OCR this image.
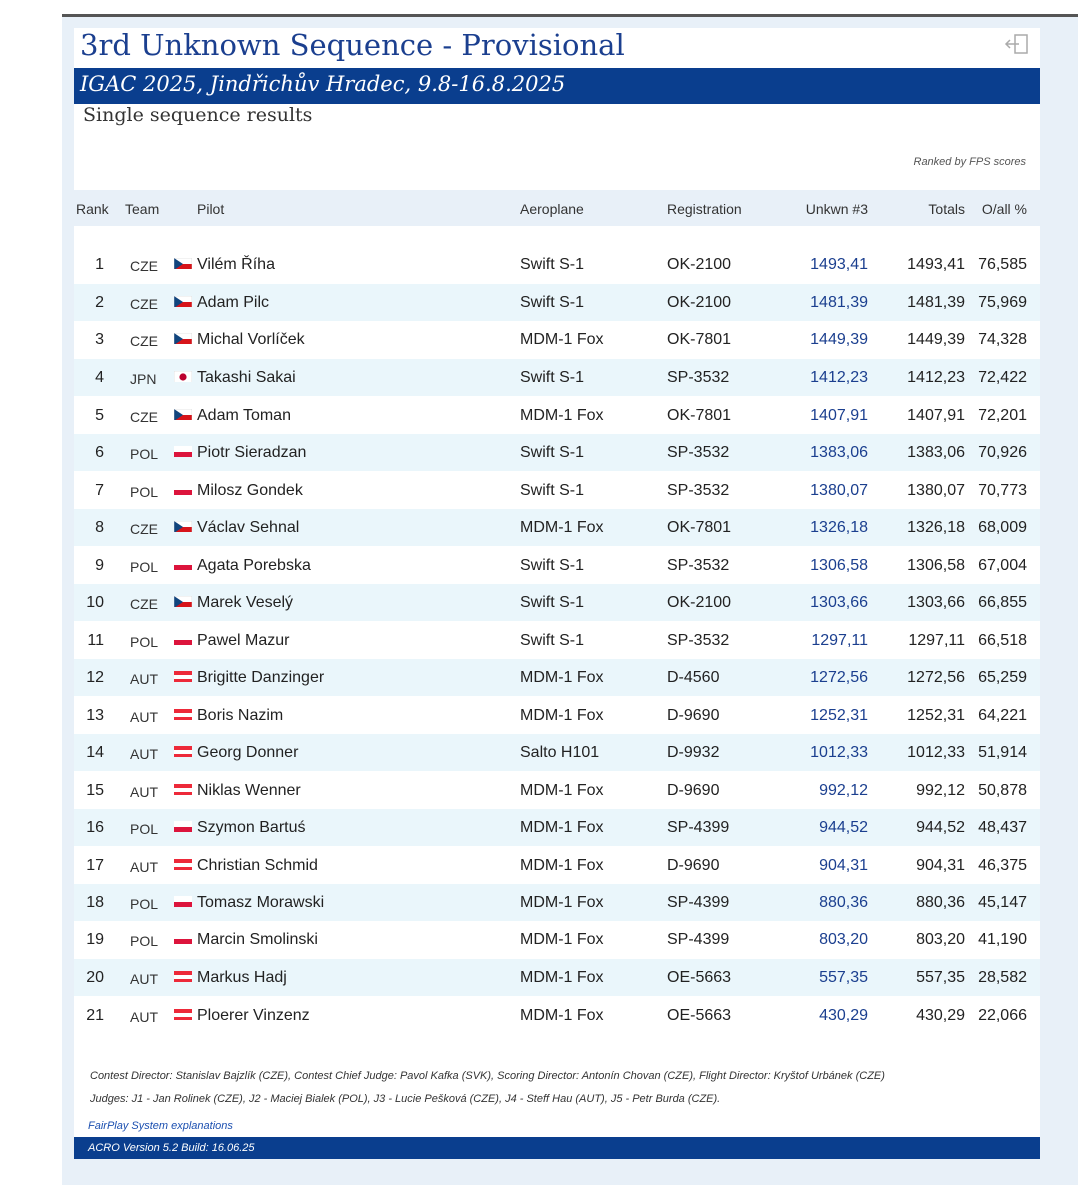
3rd Unknown Sequence - Provisional
IGAC 2025, Jindřichův Hradec, 9.8-16.8.2025
Single sequence results
Ranked by FPS scores
Rank Team	Pilot	Aeroplane	Registration	Unkwn #3	Totals O/all %
1 CZE Vilém Říha	Swift S-1	OK-2100	1493,41 1493,41 76,585
2 CZE Adam Pilc	Swift S-1	OK-2100	1481,39 1481,39 75,969
3 CZE Michal Vorlíček	MDM-1 Fox	OK-7801	1449,39 1449,39 74,328
4 JPN	Takashi Sakai	Swift S-1	SP-3532	1412,23 1412,23 72,422
5 CZE Adam Toman	MDM-1 Fox	OK-7801	1407,91 1407,91 72,201
6 POL Piotr Sieradzan	Swift S-1	SP-3532	1383,06 1383,06 70,926
7 POL Milosz Gondek	Swift S-1	SP-3532	1380,07 1380,07 70,773
8 CZE Václav Sehnal	MDM-1 Fox	OK-7801	1326,18 1326,18 68,009
9 POL Agata Porebska	Swift S-1	SP-3532	1306,58 1306,58 67,004
10 CZE Marek Veselý	Swift S-1	OK-2100	1303,66 1303,66 66,855
11 POL Pawel Mazur	Swift S-1	SP-3532	1297,11	1297,11 66,518
12 AUT Brigitte Danzinger	MDM-1 Fox	D-4560	1272,56 1272,56 65,259
13 AUT Boris Nazim	MDM-1 Fox	D-9690	1252,31 1252,31 64,221
14 AUT Georg Donner	Salto H101	D-9932	1012,33 1012,33 51,914
15 AUT Niklas Wenner	MDM-1 Fox	D-9690	992,12	992,12 50,878
16 POL Szymon Bartuś	MDM-1 Fox	SP-4399	944,52	944,52 48,437
17 AUT Christian Schmid	MDM-1 Fox	D-9690	904,31	904,31 46,375
18 POL Tomasz Morawski	MDM-1 Fox	SP-4399	880,36	880,36 45,147
19 POL Marcin Smolinski	MDM-1 Fox	SP-4399	803,20	803,20 41,190
20 AUT Markus Hadj	MDM-1 Fox	OE-5663	557,35	557,35 28,582
21 AUT Ploerer Vinzenz	MDM-1 Fox	OE-5663	430,29	430,29 22,066
Contest Director: Stanislav Bajzlík (CZE), Contest Chief Judge: Pavol Kafka (SVK), Scoring Director: Antonín Chovan (CZE), Flight Director: Kryštof Urbánek (CZE)
Judges: J1 - Jan Rolinek (CZE), J2 - Maciej Bialek (POL), J3 - Lucie Pešková (CZE), J4 - Steff Hau (AUT), J5 - Petr Burda (CZE).
FairPlay System explanations
ACRO Version 5.2 Build: 16.06.25
